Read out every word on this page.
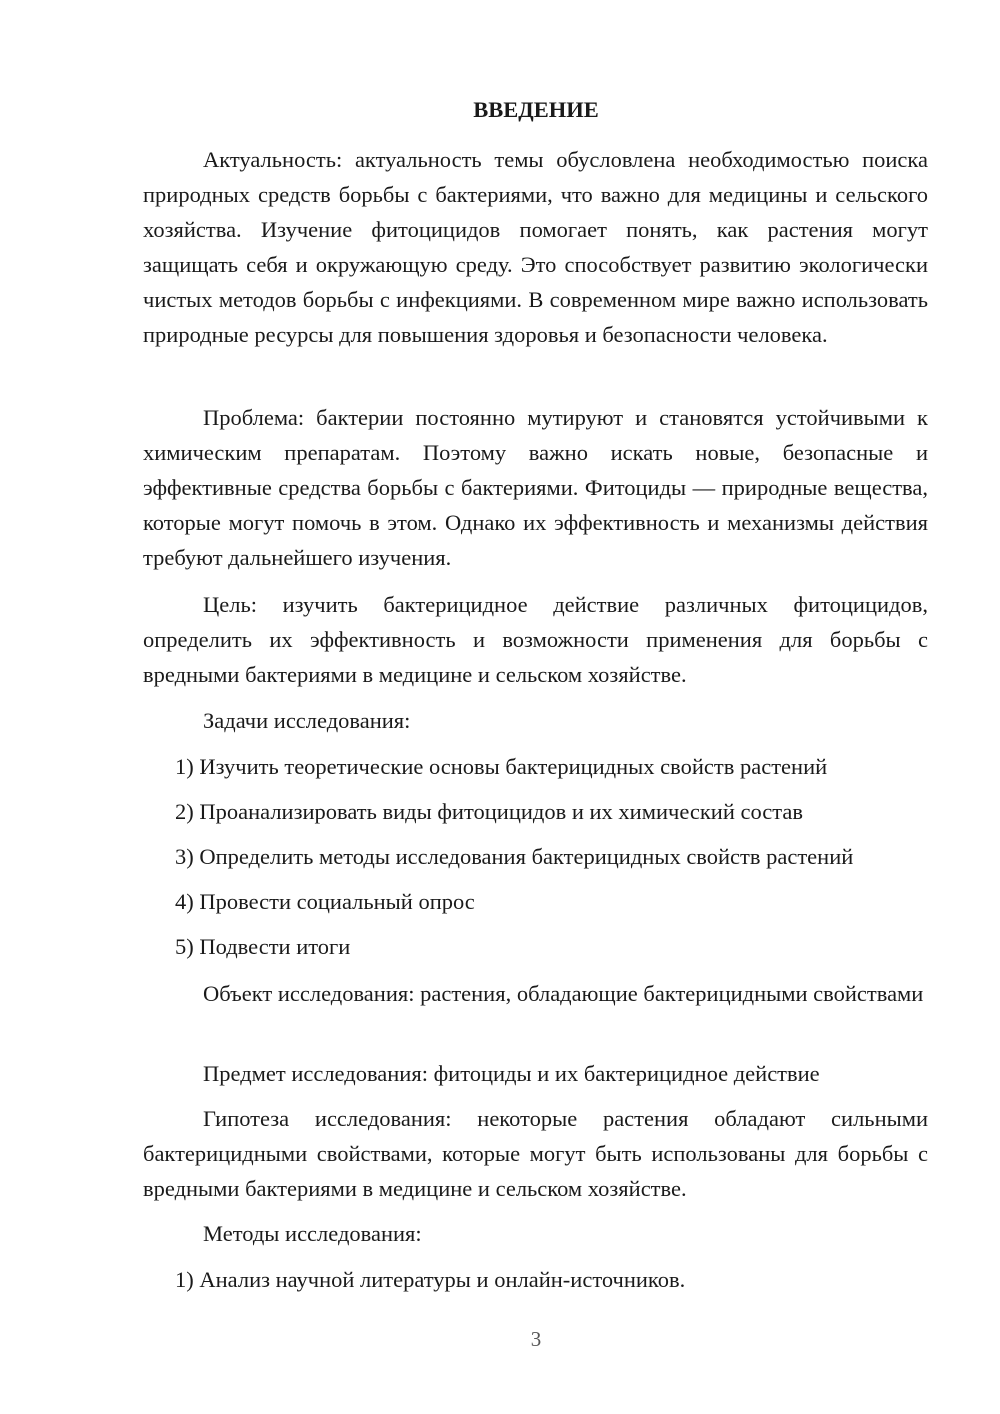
ВВЕДЕНИЕ

Актуальность: актуальность темы обусловлена необходимостью поиска природных средств борьбы с бактериями, что важно для медицины и сельского хозяйства. Изучение фитоцицидов помогает понять, как растения могут защищать себя и окружающую среду. Это способствует развитию экологически чистых методов борьбы с инфекциями. В современном мире важно использовать природные ресурсы для повышения здоровья и безопасности человека.

Проблема: бактерии постоянно мутируют и становятся устойчивыми к химическим препаратам. Поэтому важно искать новые, безопасные и эффективные средства борьбы с бактериями. Фитоциды — природные вещества, которые могут помочь в этом. Однако их эффективность и механизмы действия требуют дальнейшего изучения.

Цель: изучить бактерицидное действие различных фитоцицидов, определить их эффективность и возможности применения для борьбы с вредными бактериями в медицине и сельском хозяйстве.

Задачи исследования:

1) Изучить теоретические основы бактерицидных свойств растений

2) Проанализировать виды фитоцицидов и их химический состав

3) Определить методы исследования бактерицидных свойств растений

4) Провести социальный опрос

5) Подвести итоги

Объект исследования: растения, обладающие бактерицидными свойствами

Предмет исследования: фитоциды и их бактерицидное действие

Гипотеза исследования: некоторые растения обладают сильными бактерицидными свойствами, которые могут быть использованы для борьбы с вредными бактериями в медицине и сельском хозяйстве.

Методы исследования:

1) Анализ научной литературы и онлайн-источников.

3
